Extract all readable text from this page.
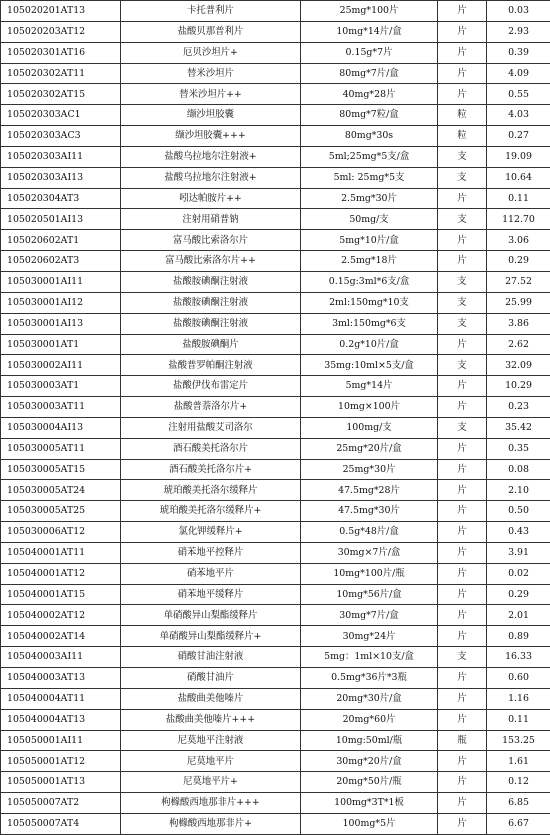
105020201AT13	卡托普利片	25mg*100片	片	0.03
105020203AT12	盐酸贝那普利片	10mg*14片/盒	片	2.93
105020301AT16	厄贝沙坦片+	0.15g*7片	片	0.39
105020302AT11	替米沙坦片	80mg*7片/盒	片	4.09
105020302AT15	替米沙坦片++	40mg*28片	片	0.55
105020303AC1	缬沙坦胶囊	80mg*7粒/盒	粒	4.03
105020303AC3	缬沙坦胶囊+++	80mg*30s	粒	0.27
105020303AI11	盐酸乌拉地尔注射液+	5ml;25mg*5支/盒	支	19.09
105020303AI13	盐酸乌拉地尔注射液+	5ml: 25mg*5支	支	10.64
105020304AT3	吲达帕胺片++	2.5mg*30片	片	0.11
105020501AI13	注射用硝普钠	50mg/支	支	112.70
105020602AT1	富马酸比索洛尔片	5mg*10片/盒	片	3.06
105020602AT3	富马酸比索洛尔片++	2.5mg*18片	片	0.29
105030001AI11	盐酸胺碘酮注射液	0.15g:3ml*6支/盒	支	27.52
105030001AI12	盐酸胺碘酮注射液	2ml:150mg*10支	支	25.99
105030001AI13	盐酸胺碘酮注射液	3ml:150mg*6支	支	3.86
105030001AT1	盐酸胺碘酮片	0.2g*10片/盒	片	2.62
105030002AI11	盐酸普罗帕酮注射液	35mg:10ml×5支/盒	支	32.09
105030003AT1	盐酸伊伐布雷定片	5mg*14片	片	10.29
105030003AT11	盐酸普萘洛尔片+	10mg×100片	片	0.23
105030004AI13	注射用盐酸艾司洛尔	100mg/支	支	35.42
105030005AT11	酒石酸美托洛尔片	25mg*20片/盒	片	0.35
105030005AT15	酒石酸美托洛尔片+	25mg*30片	片	0.08
105030005AT24	琥珀酸美托洛尔缓释片	47.5mg*28片	片	2.10
105030005AT25	琥珀酸美托洛尔缓释片+	47.5mg*30片	片	0.50
105030006AT12	氯化钾缓释片+	0.5g*48片/盒	片	0.43
105040001AT11	硝苯地平控释片	30mg×7片/盒	片	3.91
105040001AT12	硝苯地平片	10mg*100片/瓶	片	0.02
105040001AT15	硝苯地平缓释片	10mg*56片/盒	片	0.29
105040002AT12	单硝酸异山梨酯缓释片	30mg*7片/盒	片	2.01
105040002AT14	单硝酸异山梨酯缓释片+	30mg*24片	片	0.89
105040003AI11	硝酸甘油注射液	5mg：1ml×10支/盒	支	16.33
105040003AT13	硝酸甘油片	0.5mg*36片*3瓶	片	0.60
105040004AT11	盐酸曲美他嗪片	20mg*30片/盒	片	1.16
105040004AT13	盐酸曲美他嗪片+++	20mg*60片	片	0.11
105050001AI11	尼莫地平注射液	10mg:50ml/瓶	瓶	153.25
105050001AT12	尼莫地平片	30mg*20片/盒	片	1.61
105050001AT13	尼莫地平片+	20mg*50片/瓶	片	0.12
105050007AT2	枸橼酸西地那非片+++	100mg*3T*1板	片	6.85
105050007AT4	枸橼酸西地那非片+	100mg*5片	片	6.67
